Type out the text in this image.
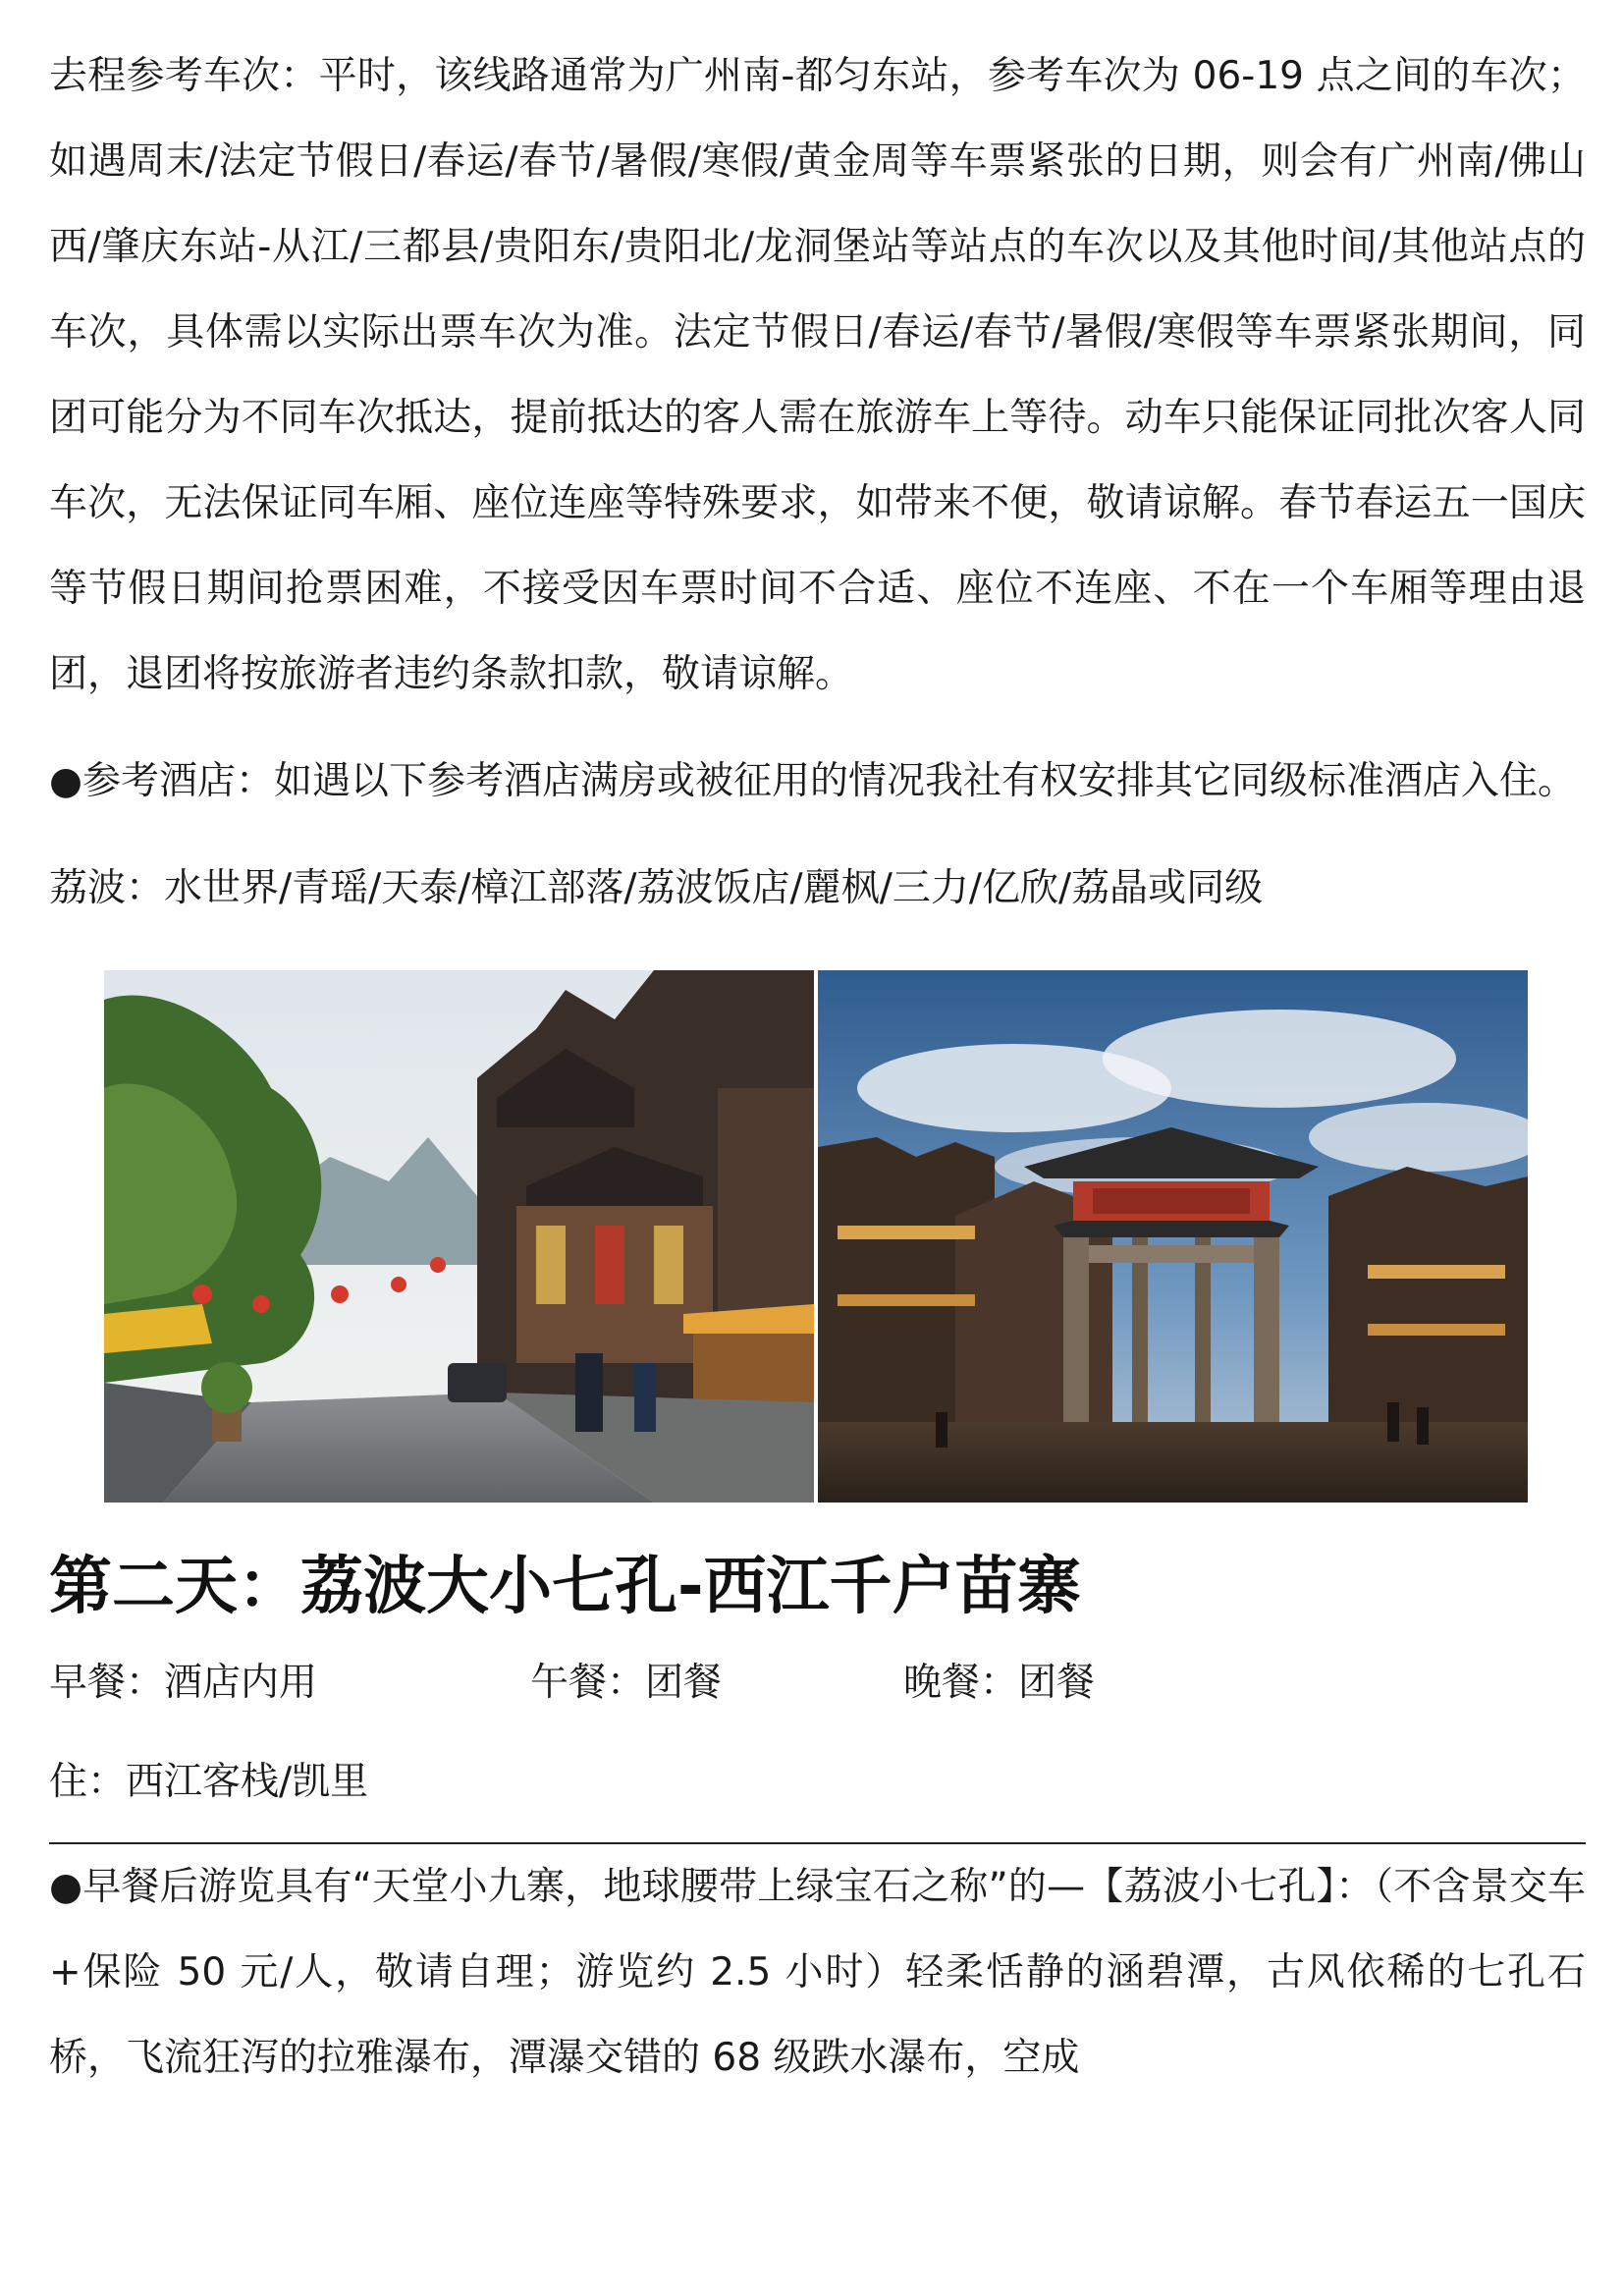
去程参考车次：平时，该线路通常为广州南-都匀东站，参考车次为 06-19 点之间的车次；如遇周末/法定节假日/春运/春节/暑假/寒假/黄金周等车票紧张的日期，则会有广州南/佛山西/肇庆东站-从江/三都县/贵阳东/贵阳北/龙洞堡站等站点的车次以及其他时间/其他站点的车次，具体需以实际出票车次为准。法定节假日/春运/春节/暑假/寒假等车票紧张期间，同团可能分为不同车次抵达，提前抵达的客人需在旅游车上等待。动车只能保证同批次客人同车次，无法保证同车厢、座位连座等特殊要求，如带来不便，敬请谅解。春节春运五一国庆等节假日期间抢票困难，不接受因车票时间不合适、座位不连座、不在一个车厢等理由退团，退团将按旅游者违约条款扣款，敬请谅解。

●参考酒店：如遇以下参考酒店满房或被征用的情况我社有权安排其它同级标准酒店入住。

荔波：水世界/青瑶/天泰/樟江部落/荔波饭店/麗枫/三力/亿欣/荔晶或同级

第二天：荔波大小七孔-西江千户苗寨
早餐：酒店内用	午餐：团餐	晚餐：团餐
住：西江客栈/凯里

●早餐后游览具有“天堂小九寨，地球腰带上绿宝石之称”的—【荔波小七孔】：（不含景交车+保险 50 元/人，敬请自理；游览约 2.5 小时）轻柔恬静的涵碧潭，古风依稀的七孔石桥，飞流狂泻的拉雅瀑布，潭瀑交错的 68 级跌水瀑布，空成
